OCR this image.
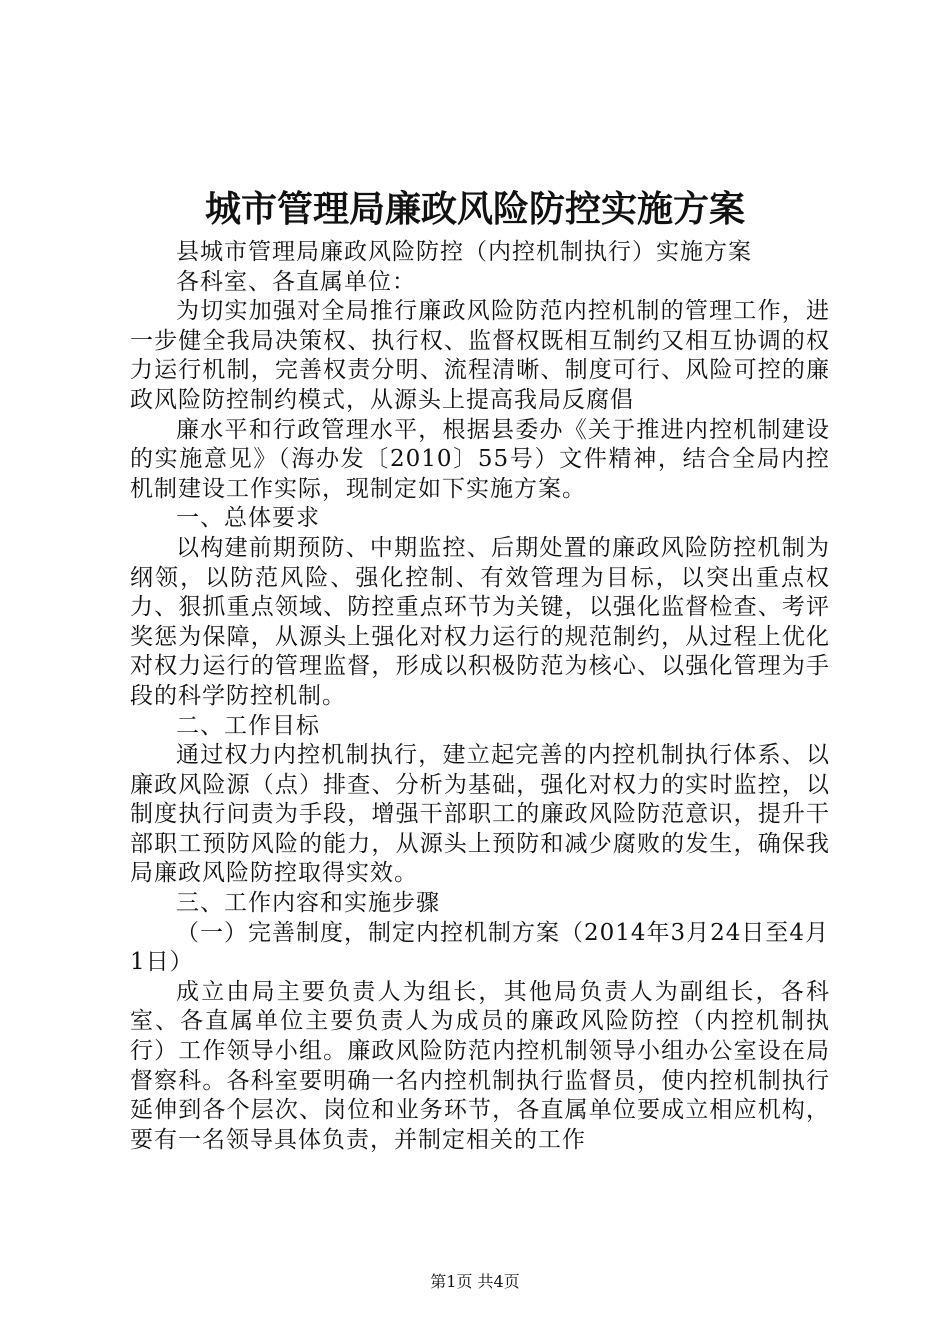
城市管理局廉政风险防控实施方案

县城市管理局廉政风险防控（内控机制执行）实施方案

各科室、各直属单位：

为切实加强对全局推行廉政风险防范内控机制的管理工作，进一步健全我局决策权、执行权、监督权既相互制约又相互协调的权力运行机制，完善权责分明、流程清晰、制度可行、风险可控的廉政风险防控制约模式，从源头上提高我局反腐倡

廉水平和行政管理水平，根据县委办《关于推进内控机制建设的实施意见》（海办发〔2010〕55号）文件精神，结合全局内控机制建设工作实际，现制定如下实施方案。

一、总体要求

以构建前期预防、中期监控、后期处置的廉政风险防控机制为纲领，以防范风险、强化控制、有效管理为目标，以突出重点权力、狠抓重点领域、防控重点环节为关键，以强化监督检查、考评奖惩为保障，从源头上强化对权力运行的规范制约，从过程上优化对权力运行的管理监督，形成以积极防范为核心、以强化管理为手段的科学防控机制。

二、工作目标

通过权力内控机制执行，建立起完善的内控机制执行体系、以廉政风险源（点）排查、分析为基础，强化对权力的实时监控，以制度执行问责为手段，增强干部职工的廉政风险防范意识，提升干部职工预防风险的能力，从源头上预防和减少腐败的发生，确保我局廉政风险防控取得实效。

三、工作内容和实施步骤

（一）完善制度，制定内控机制方案（2014年3月24日至4月1日）

成立由局主要负责人为组长，其他局负责人为副组长，各科室、各直属单位主要负责人为成员的廉政风险防控（内控机制执行）工作领导小组。廉政风险防范内控机制领导小组办公室设在局督察科。各科室要明确一名内控机制执行监督员，使内控机制执行延伸到各个层次、岗位和业务环节，各直属单位要成立相应机构，要有一名领导具体负责，并制定相关的工作

第1页 共4页
